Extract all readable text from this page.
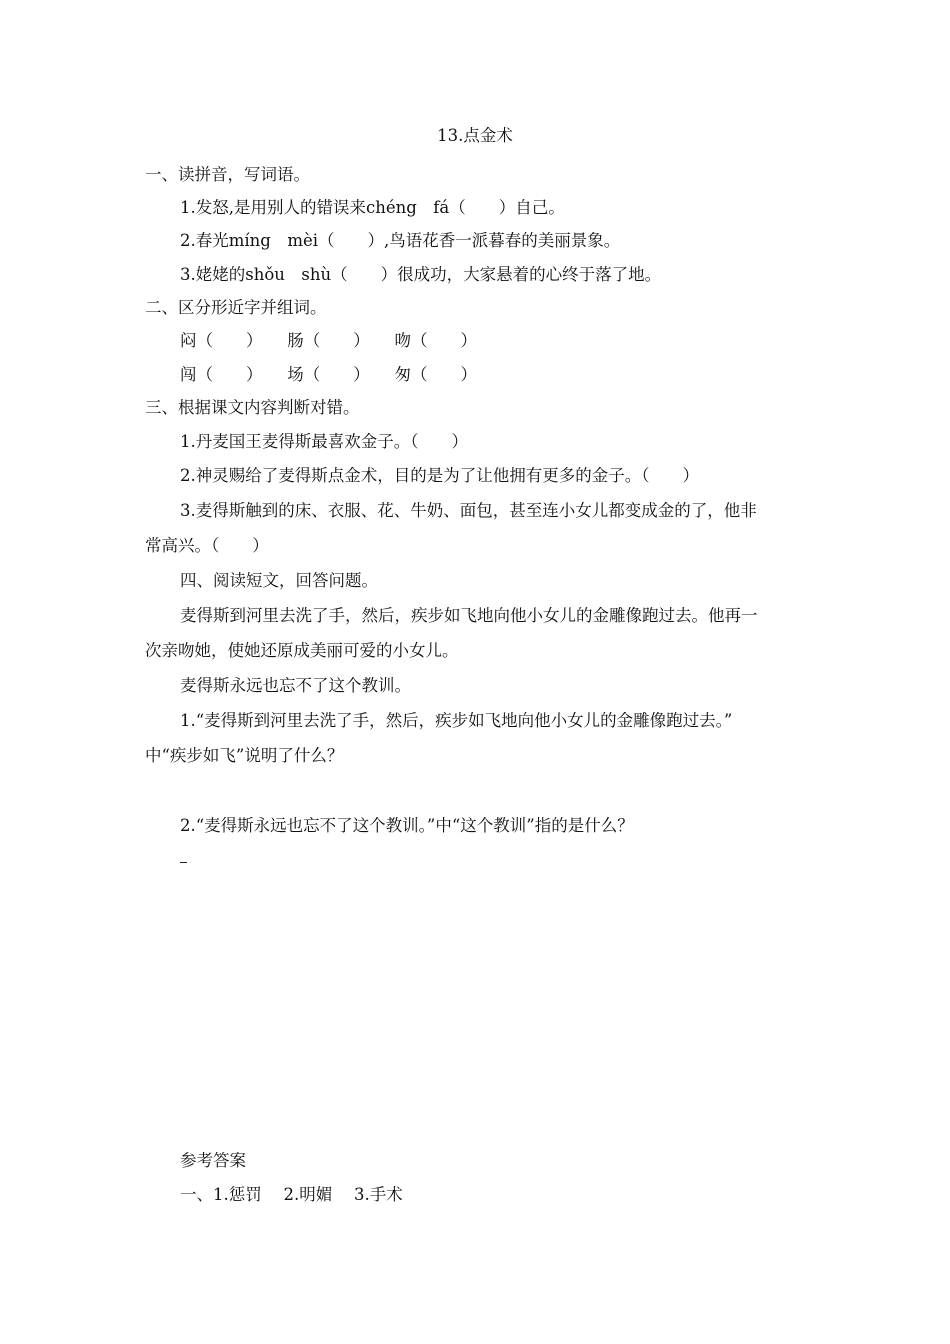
13.点金术
一、读拼音，写词语。
1.发怒,是用别人的错误来chéng　fá（　　）自己。
2.春光míng　mèi（　　）,鸟语花香一派暮春的美丽景象。
3.姥姥的shǒu　shù（　　）很成功，大家悬着的心终于落了地。
二、区分形近字并组词。
闷（　　）　　肠（　　）　　吻（　　）
闯（　　）　　场（　　）　　匆（　　）
三、根据课文内容判断对错。
1.丹麦国王麦得斯最喜欢金子。（　　）
2.神灵赐给了麦得斯点金术，目的是为了让他拥有更多的金子。（　　）
3.麦得斯触到的床、衣服、花、牛奶、面包，甚至连小女儿都变成金的了，他非
常高兴。（　　）
四、阅读短文，回答问题。
麦得斯到河里去洗了手，然后，疾步如飞地向他小女儿的金雕像跑过去。他再一
次亲吻她，使她还原成美丽可爱的小女儿。
麦得斯永远也忘不了这个教训。
1.“麦得斯到河里去洗了手，然后，疾步如飞地向他小女儿的金雕像跑过去。”
中“疾步如飞”说明了什么？
2.“麦得斯永远也忘不了这个教训。”中“这个教训”指的是什么？
参考答案
一、1.惩罚　 2.明媚　 3.手术
